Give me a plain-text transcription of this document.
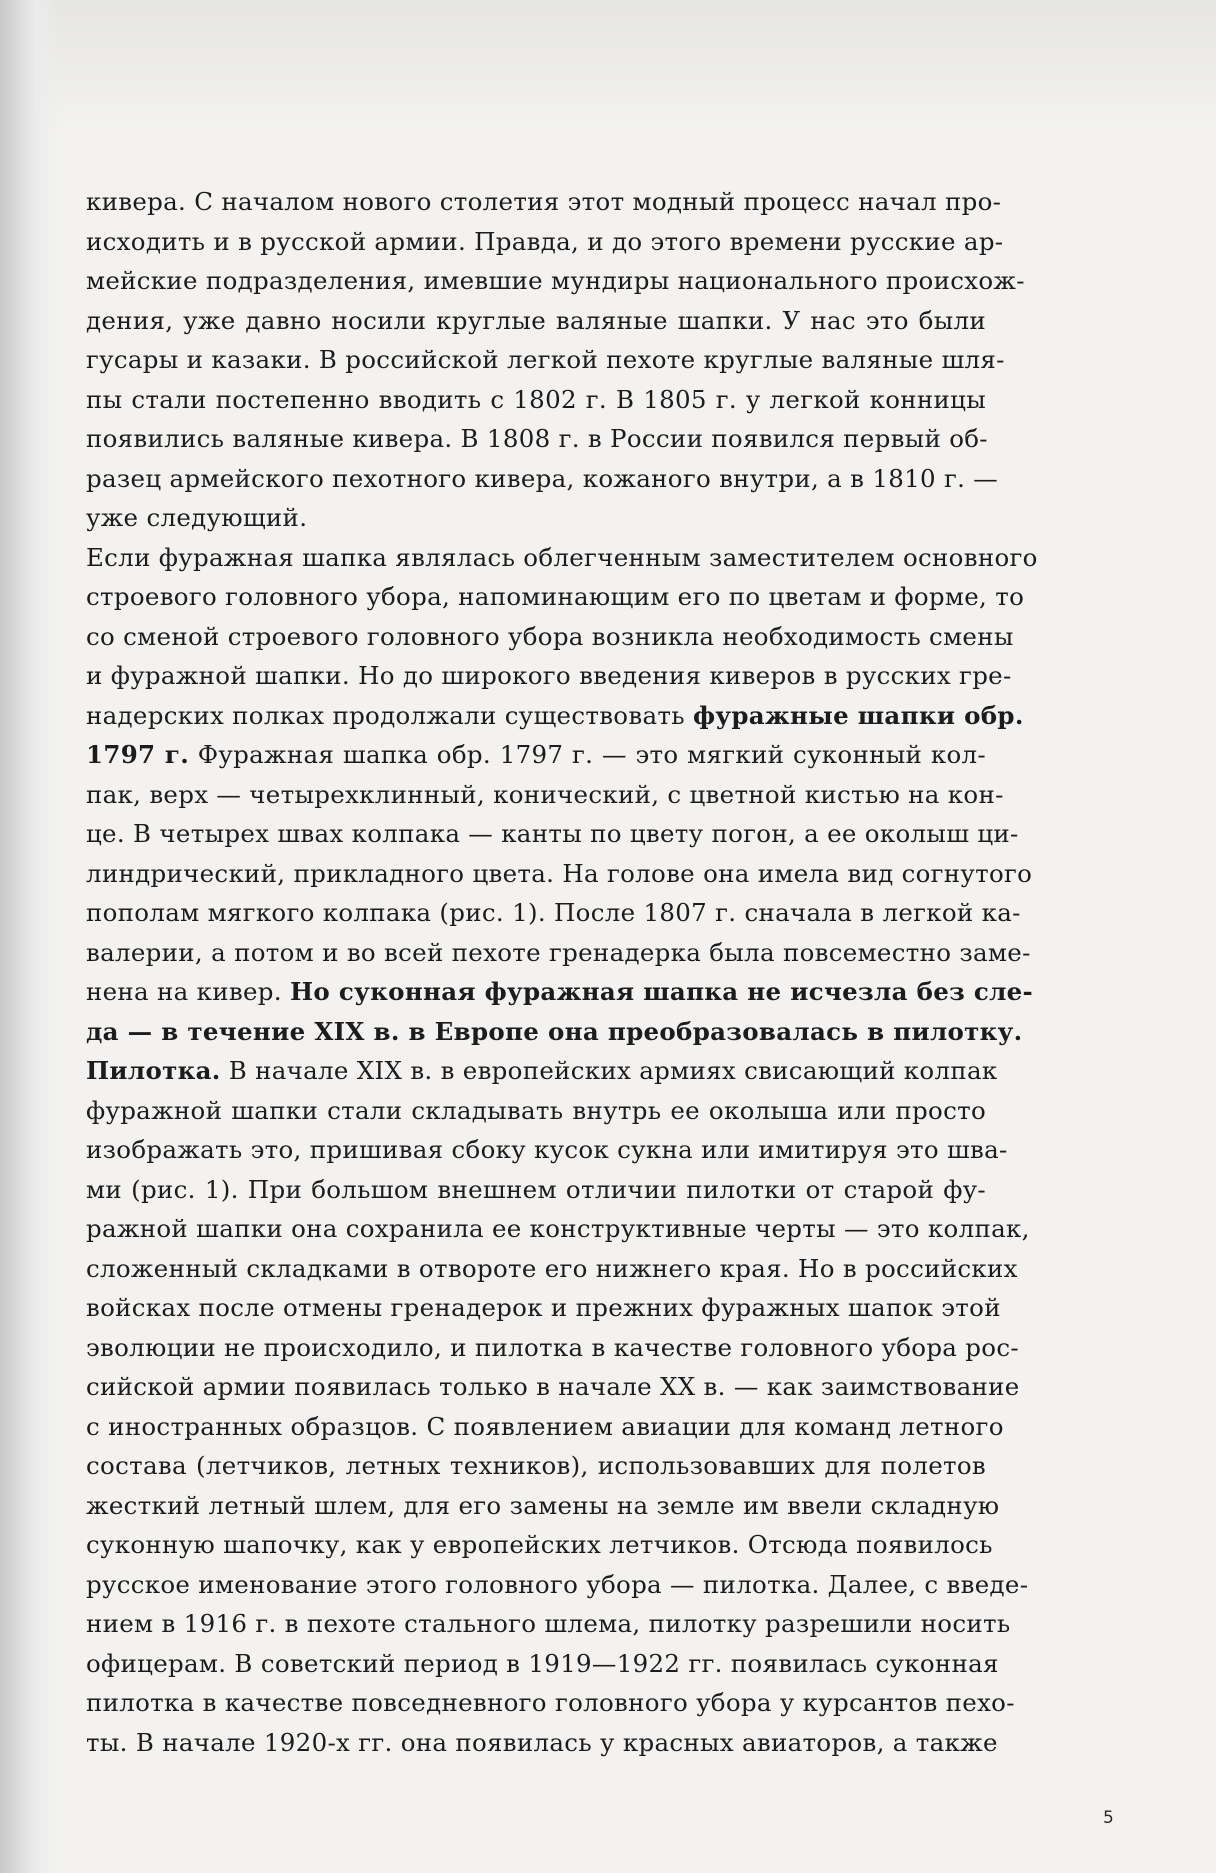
кивера. С началом нового столетия этот модный процесс начал про-
исходить и в русской армии. Правда, и до этого времени русские ар-
мейские подразделения, имевшие мундиры национального происхож-
дения, уже давно носили круглые валяные шапки. У нас это были
гусары и казаки. В российской легкой пехоте круглые валяные шля-
пы стали постепенно вводить с 1802 г. В 1805 г. у легкой конницы
появились валяные кивера. В 1808 г. в России появился первый об-
разец армейского пехотного кивера, кожаного внутри, а в 1810 г. —
уже следующий.
Если фуражная шапка являлась облегченным заместителем основного
строевого головного убора, напоминающим его по цветам и форме, то
со сменой строевого головного убора возникла необходимость смены
и фуражной шапки. Но до широкого введения киверов в русских гре-
надерских полках продолжали существовать фуражные шапки обр.
1797 г. Фуражная шапка обр. 1797 г. — это мягкий суконный кол-
пак, верх — четырехклинный, конический, с цветной кистью на кон-
це. В четырех швах колпака — канты по цвету погон, а ее околыш ци-
линдрический, прикладного цвета. На голове она имела вид согнутого
пополам мягкого колпака (рис. 1). После 1807 г. сначала в легкой ка-
валерии, а потом и во всей пехоте гренадерка была повсеместно заме-
нена на кивер. Но суконная фуражная шапка не исчезла без сле-
да — в течение XIX в. в Европе она преобразовалась в пилотку.
Пилотка. В начале XIX в. в европейских армиях свисающий колпак
фуражной шапки стали складывать внутрь ее околыша или просто
изображать это, пришивая сбоку кусок сукна или имитируя это шва-
ми (рис. 1). При большом внешнем отличии пилотки от старой фу-
ражной шапки она сохранила ее конструктивные черты — это колпак,
сложенный складками в отвороте его нижнего края. Но в российских
войсках после отмены гренадерок и прежних фуражных шапок этой
эволюции не происходило, и пилотка в качестве головного убора рос-
сийской армии появилась только в начале XX в. — как заимствование
с иностранных образцов. С появлением авиации для команд летного
состава (летчиков, летных техников), использовавших для полетов
жесткий летный шлем, для его замены на земле им ввели складную
суконную шапочку, как у европейских летчиков. Отсюда появилось
русское именование этого головного убора — пилотка. Далее, с введе-
нием в 1916 г. в пехоте стального шлема, пилотку разрешили носить
офицерам. В советский период в 1919—1922 гг. появилась суконная
пилотка в качестве повседневного головного убора у курсантов пехо-
ты. В начале 1920-х гг. она появилась у красных авиаторов, а также
5
